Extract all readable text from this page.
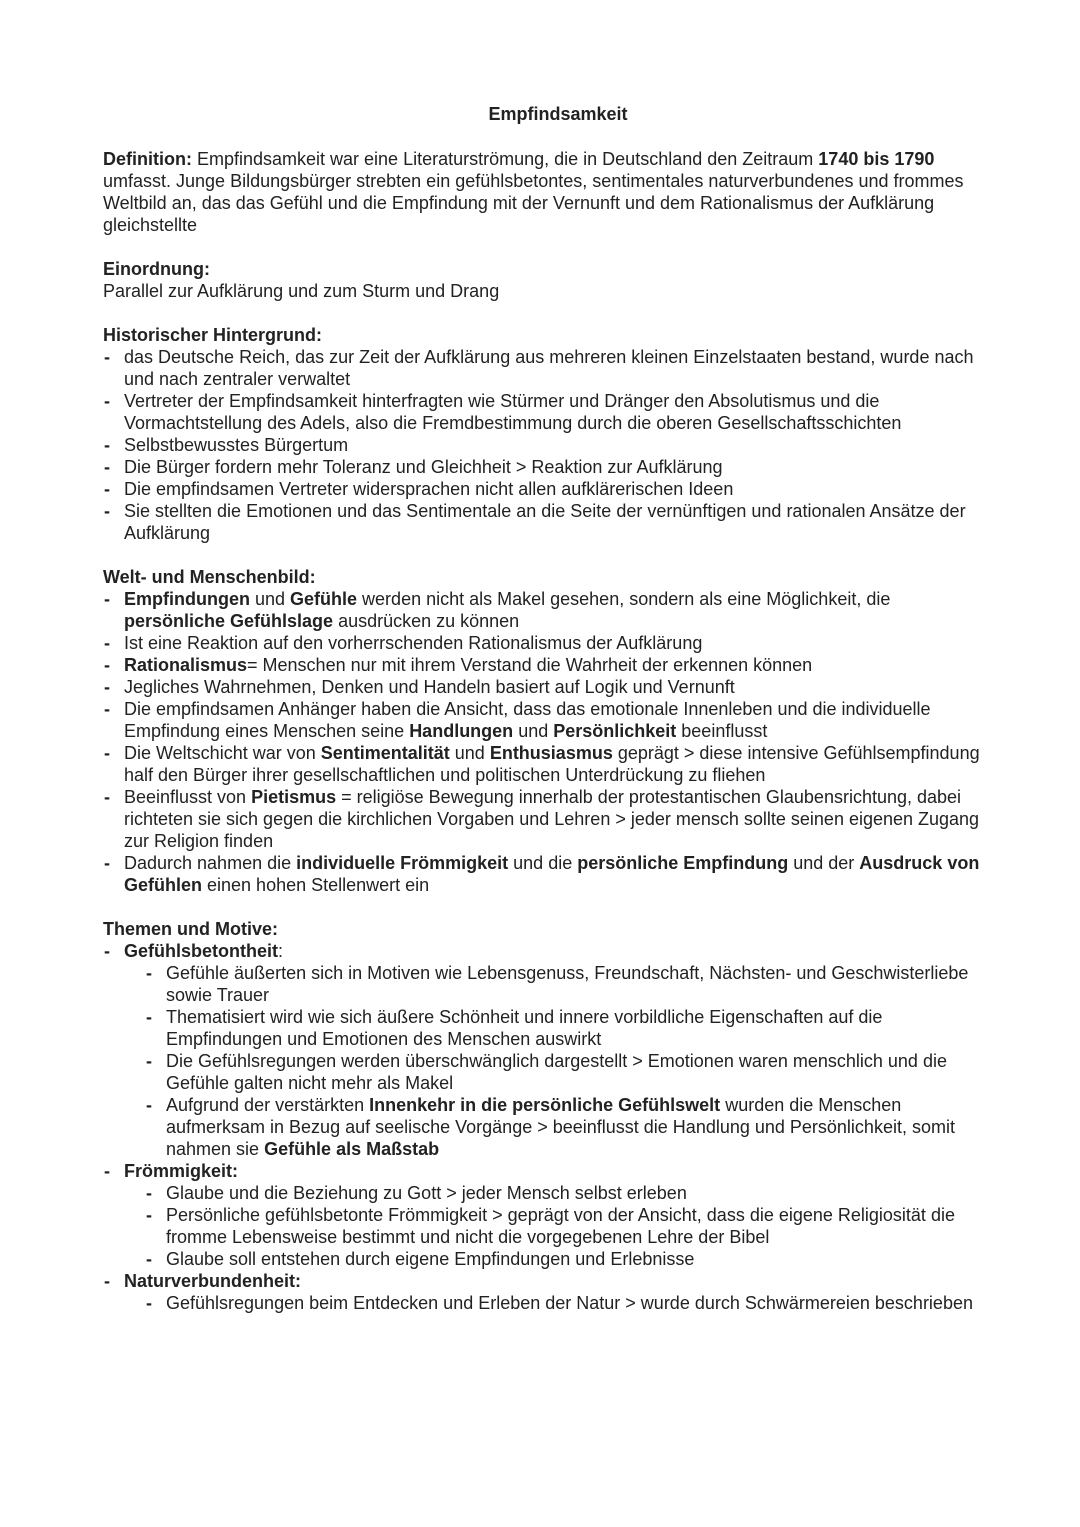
Empfindsamkeit

Definition: Empfindsamkeit war eine Literaturströmung, die in Deutschland den Zeitraum 1740 bis 1790 umfasst. Junge Bildungsbürger strebten ein gefühlsbetontes, sentimentales naturverbundenes und frommes Weltbild an, das das Gefühl und die Empfindung mit der Vernunft und dem Rationalismus der Aufklärung gleichstellte

Einordnung:

Parallel zur Aufklärung und zum Sturm und Drang

Historischer Hintergrund:

- das Deutsche Reich, das zur Zeit der Aufklärung aus mehreren kleinen Einzelstaaten bestand, wurde nach und nach zentraler verwaltet
- Vertreter der Empfindsamkeit hinterfragten wie Stürmer und Dränger den Absolutismus und die Vormachtstellung des Adels, also die Fremdbestimmung durch die oberen Gesellschaftsschichten
- Selbstbewusstes Bürgertum
- Die Bürger fordern mehr Toleranz und Gleichheit > Reaktion zur Aufklärung
- Die empfindsamen Vertreter widersprachen nicht allen aufklärerischen Ideen
- Sie stellten die Emotionen und das Sentimentale an die Seite der vernünftigen und rationalen Ansätze der Aufklärung

Welt- und Menschenbild:

- Empfindungen und Gefühle werden nicht als Makel gesehen, sondern als eine Möglichkeit, die persönliche Gefühlslage ausdrücken zu können
- Ist eine Reaktion auf den vorherrschenden Rationalismus der Aufklärung
- Rationalismus= Menschen nur mit ihrem Verstand die Wahrheit der erkennen können
- Jegliches Wahrnehmen, Denken und Handeln basiert auf Logik und Vernunft
- Die empfindsamen Anhänger haben die Ansicht, dass das emotionale Innenleben und die individuelle Empfindung eines Menschen seine Handlungen und Persönlichkeit beeinflusst
- Die Weltschicht war von Sentimentalität und Enthusiasmus geprägt > diese intensive Gefühlsempfindung half den Bürger ihrer gesellschaftlichen und politischen Unterdrückung zu fliehen
- Beeinflusst von Pietismus = religiöse Bewegung innerhalb der protestantischen Glaubensrichtung, dabei richteten sie sich gegen die kirchlichen Vorgaben und Lehren > jeder mensch sollte seinen eigenen Zugang zur Religion finden
- Dadurch nahmen die individuelle Frömmigkeit und die persönliche Empfindung und der Ausdruck von Gefühlen einen hohen Stellenwert ein

Themen und Motive:

- Gefühlsbetontheit:
- Gefühle äußerten sich in Motiven wie Lebensgenuss, Freundschaft, Nächsten- und Geschwisterliebe sowie Trauer
- Thematisiert wird wie sich äußere Schönheit und innere vorbildliche Eigenschaften auf die Empfindungen und Emotionen des Menschen auswirkt
- Die Gefühlsregungen werden überschwänglich dargestellt > Emotionen waren menschlich und die Gefühle galten nicht mehr als Makel
- Aufgrund der verstärkten Innenkehr in die persönliche Gefühlswelt wurden die Menschen aufmerksam in Bezug auf seelische Vorgänge > beeinflusst die Handlung und Persönlichkeit, somit nahmen sie Gefühle als Maßstab
- Frömmigkeit:
- Glaube und die Beziehung zu Gott > jeder Mensch selbst erleben
- Persönliche gefühlsbetonte Frömmigkeit > geprägt von der Ansicht, dass die eigene Religiosität die fromme Lebensweise bestimmt und nicht die vorgegebenen Lehre der Bibel
- Glaube soll entstehen durch eigene Empfindungen und Erlebnisse
- Naturverbundenheit:
- Gefühlsregungen beim Entdecken und Erleben der Natur > wurde durch Schwärmereien beschrieben
